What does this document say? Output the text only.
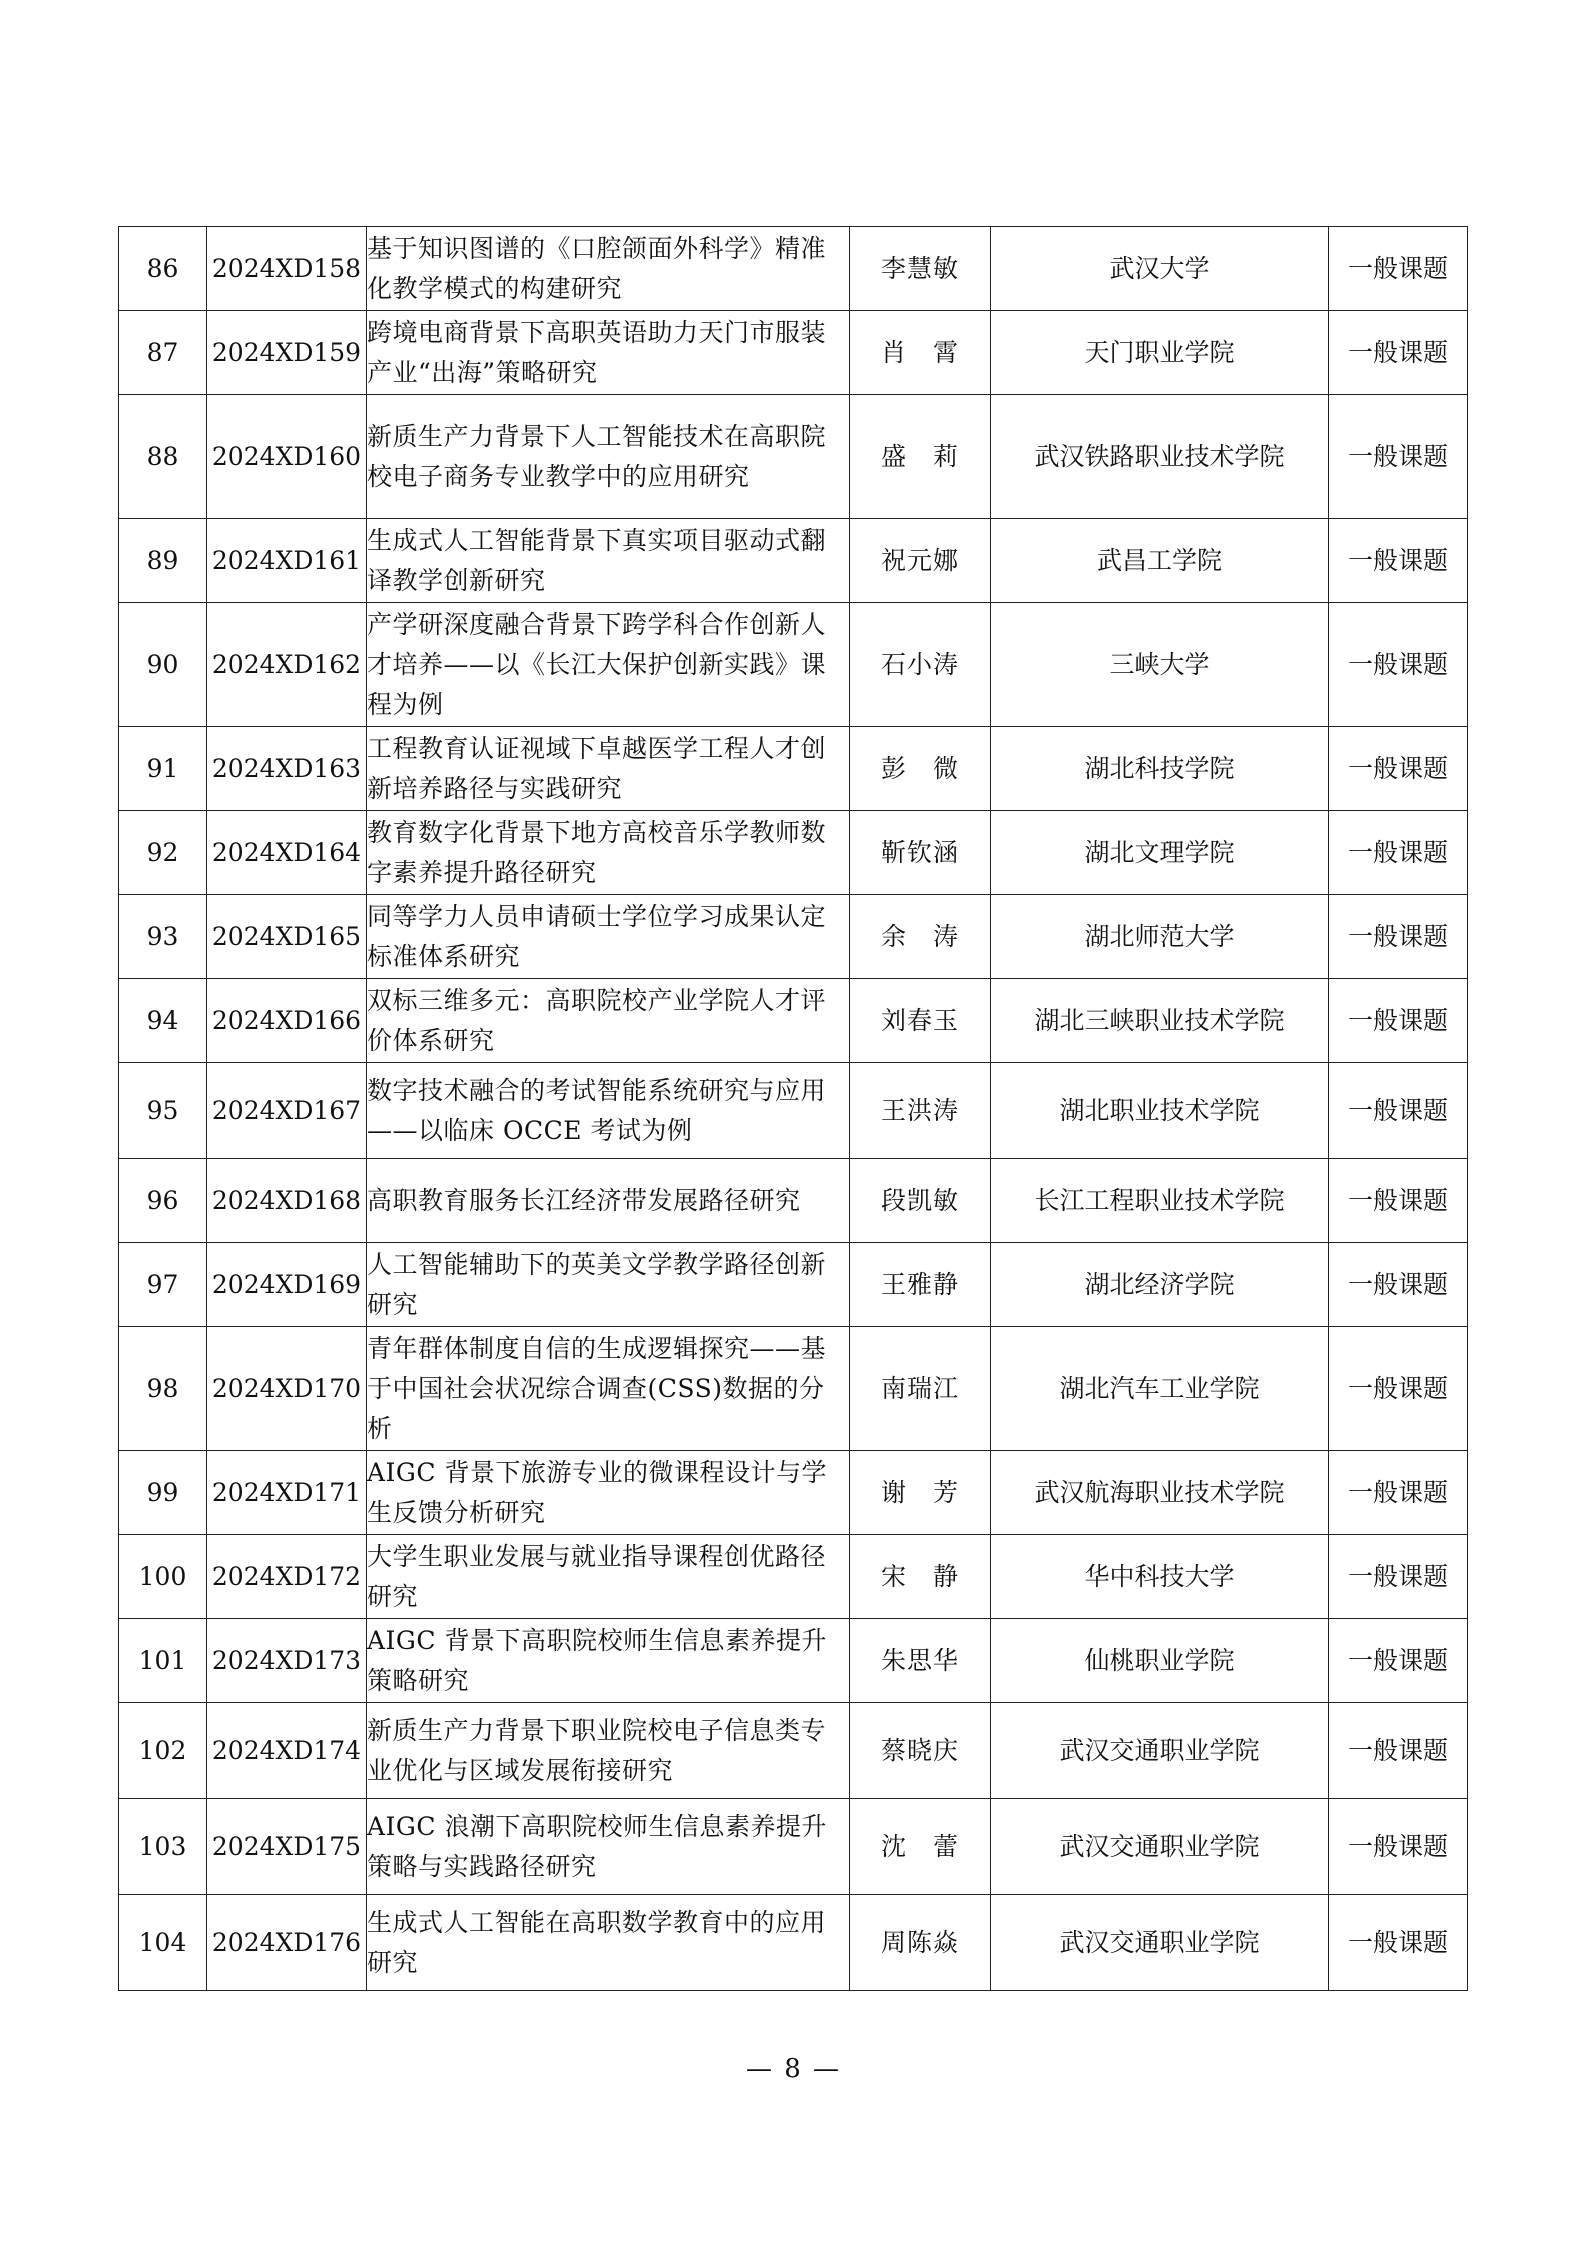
86	2024XD158	基于知识图谱的《口腔颌面外科学》精准化教学模式的构建研究	李慧敏	武汉大学	一般课题
87	2024XD159	跨境电商背景下高职英语助力天门市服装产业“出海”策略研究	肖　霄	天门职业学院	一般课题
88	2024XD160	新质生产力背景下人工智能技术在高职院校电子商务专业教学中的应用研究	盛　莉	武汉铁路职业技术学院	一般课题
89	2024XD161	生成式人工智能背景下真实项目驱动式翻译教学创新研究	祝元娜	武昌工学院	一般课题
90	2024XD162	产学研深度融合背景下跨学科合作创新人才培养——以《长江大保护创新实践》课程为例	石小涛	三峡大学	一般课题
91	2024XD163	工程教育认证视域下卓越医学工程人才创新培养路径与实践研究	彭　微	湖北科技学院	一般课题
92	2024XD164	教育数字化背景下地方高校音乐学教师数字素养提升路径研究	靳钦涵	湖北文理学院	一般课题
93	2024XD165	同等学力人员申请硕士学位学习成果认定标准体系研究	余　涛	湖北师范大学	一般课题
94	2024XD166	双标三维多元：高职院校产业学院人才评价体系研究	刘春玉	湖北三峡职业技术学院	一般课题
95	2024XD167	数字技术融合的考试智能系统研究与应用——以临床 OCCE 考试为例	王洪涛	湖北职业技术学院	一般课题
96	2024XD168	高职教育服务长江经济带发展路径研究	段凯敏	长江工程职业技术学院	一般课题
97	2024XD169	人工智能辅助下的英美文学教学路径创新研究	王雅静	湖北经济学院	一般课题
98	2024XD170	青年群体制度自信的生成逻辑探究——基于中国社会状况综合调查(CSS)数据的分析	南瑞江	湖北汽车工业学院	一般课题
99	2024XD171	AIGC 背景下旅游专业的微课程设计与学生反馈分析研究	谢　芳	武汉航海职业技术学院	一般课题
100	2024XD172	大学生职业发展与就业指导课程创优路径研究	宋　静	华中科技大学	一般课题
101	2024XD173	AIGC 背景下高职院校师生信息素养提升策略研究	朱思华	仙桃职业学院	一般课题
102	2024XD174	新质生产力背景下职业院校电子信息类专业优化与区域发展衔接研究	蔡晓庆	武汉交通职业学院	一般课题
103	2024XD175	AIGC 浪潮下高职院校师生信息素养提升策略与实践路径研究	沈　蕾	武汉交通职业学院	一般课题
104	2024XD176	生成式人工智能在高职数学教育中的应用研究	周陈焱	武汉交通职业学院	一般课题
— 8 —
